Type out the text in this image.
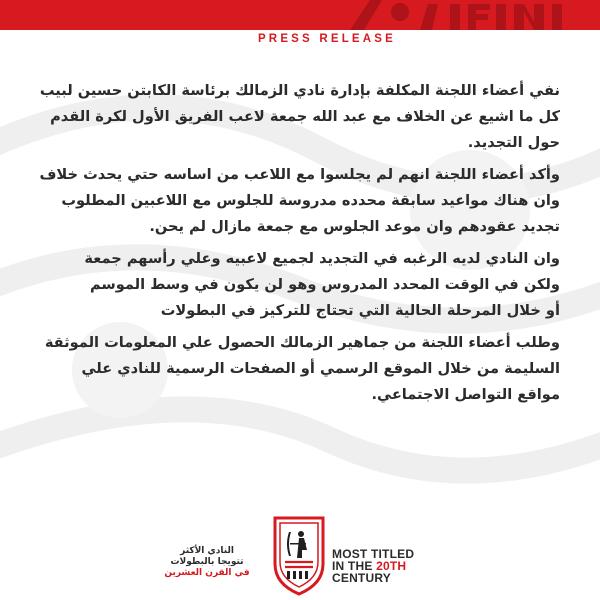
PRESS RELEASE

نفي أعضاء اللجنة المكلفة بإدارة نادي الزمالك برئاسة الكابتن حسين لبيب
كل ما اشيع عن الخلاف مع عبد الله جمعة لاعب الفريق الأول لكرة القدم
حول التجديد.

وأكد أعضاء اللجنة انهم لم يجلسوا مع اللاعب من اساسه حتي يحدث خلاف
وان هناك مواعيد سابقة محدده مدروسة للجلوس مع اللاعبين المطلوب
تجديد عقودهم وان موعد الجلوس مع جمعة مازال لم يحن.

وان النادي لديه الرغبه في التجديد لجميع لاعبيه وعلي رأسهم جمعة
ولكن في الوقت المحدد المدروس وهو لن يكون في وسط الموسم
أو خلال المرحلة الحالية التي تحتاج للتركيز في البطولات

وطلب أعضاء اللجنة من جماهير الزمالك الحصول علي المعلومات الموثقة
السليمة من خلال الموقع الرسمي أو الصفحات الرسمية للنادي علي
مواقع التواصل الاجتماعي.

النادي الأكثر
تتويجا بالبطولات
في القرن العشرين
MOST TITLED
IN THE 20TH
CENTURY
